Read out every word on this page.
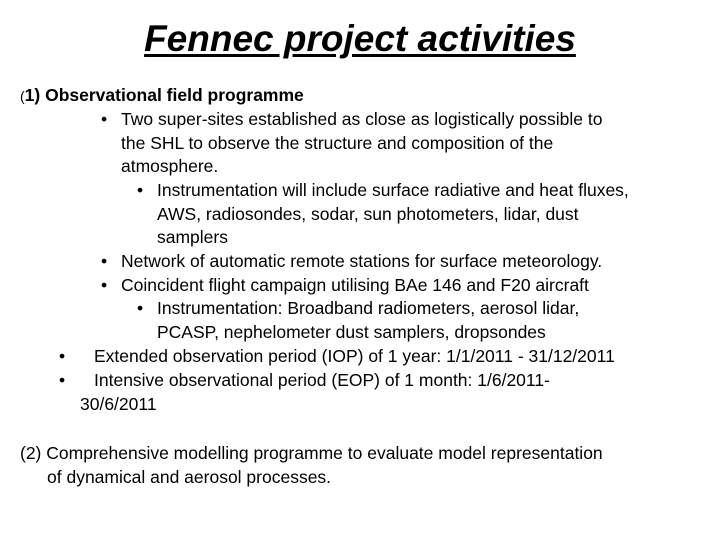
Fennec project activities
(1) Observational field programme
• Two super-sites established as close as logistically possible to
the SHL to observe the structure and composition of the
atmosphere.
• Instrumentation will include surface radiative and heat fluxes,
AWS, radiosondes, sodar, sun photometers, lidar, dust
samplers
• Network of automatic remote stations for surface meteorology.
• Coincident flight campaign utilising BAe 146 and F20 aircraft
• Instrumentation: Broadband radiometers, aerosol lidar,
PCASP, nephelometer dust samplers, dropsondes
• Extended observation period (IOP) of 1 year: 1/1/2011 - 31/12/2011
• Intensive observational period (EOP) of 1 month: 1/6/2011-
30/6/2011
(2) Comprehensive modelling programme to evaluate model representation
of dynamical and aerosol processes.
